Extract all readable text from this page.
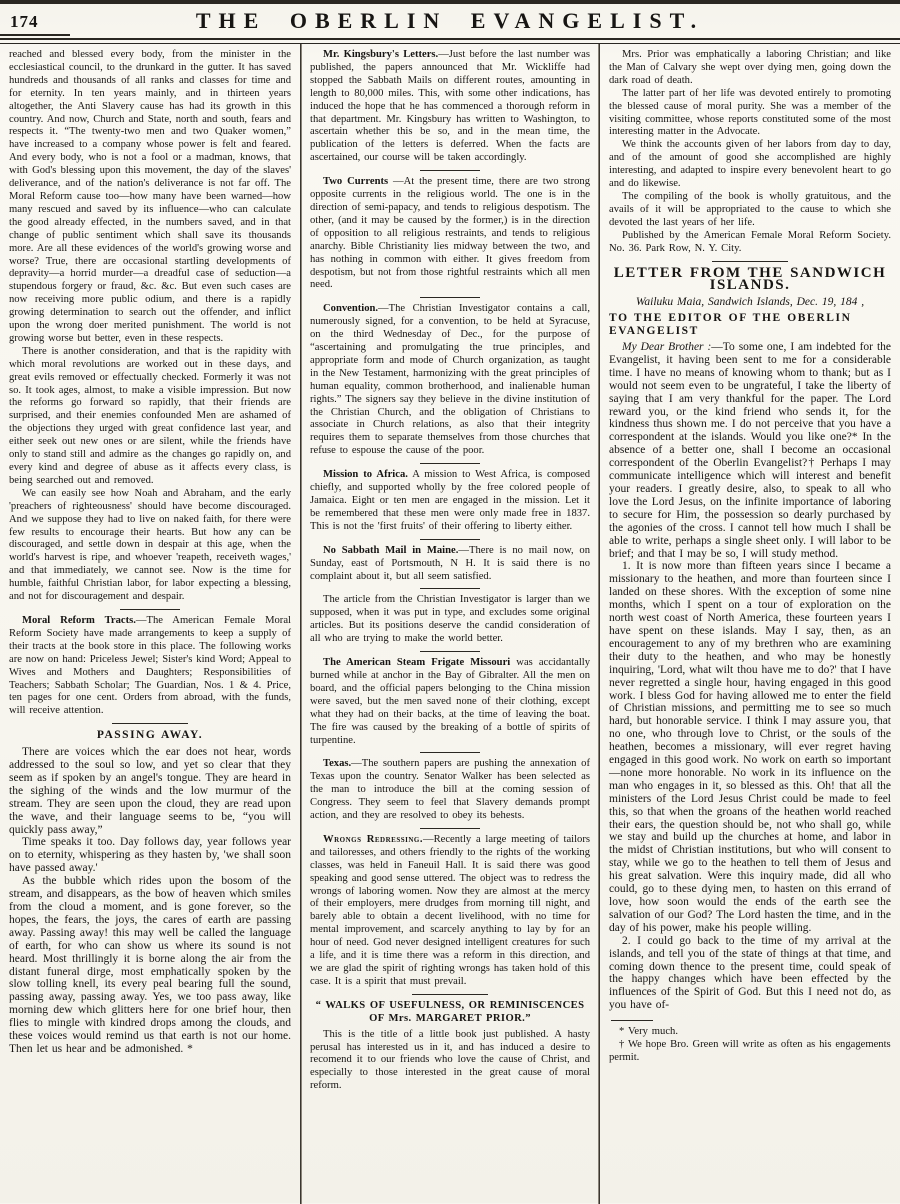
174	THE OBERLIN EVANGELIST.

reached and blessed every body, from the minister in the ecclesiastical council, to the drunkard in the gutter. It has saved hundreds and thousands of all ranks and classes for time and for eternity. In ten years mainly, and in thirteen years altogether, the Anti Slavery cause has had its growth in this country. And now, Church and State, north and south, fears and respects it. “The twenty-two men and two Quaker women,” have increased to a company whose power is felt and feared. And every body, who is not a fool or a madman, knows, that with God's blessing upon this movement, the day of the slaves' deliverance, and of the nation's deliverance is not far off. The Moral Reform cause too—how many have been warned—how many rescued and saved by its influence—who can calculate the good already effected, in the numbers saved, and in that change of public sentiment which shall save its thousands more. Are all these evidences of the world's growing worse and worse? True, there are occasional startling developments of depravity—a horrid murder—a dreadful case of seduction—a stupendous forgery or fraud, &c. &c. But even such cases are now receiving more public odium, and there is a rapidly growing determination to search out the offender, and inflict upon the wrong doer merited punishment. The world is not growing worse but better, even in these respects.

There is another consideration, and that is the rapidity with which moral revolutions are worked out in these days, and great evils removed or effectually checked. Formerly it was not so. It took ages, almost, to make a visible impression. But now the reforms go forward so rapidly, that their friends are surprised, and their enemies confounded Men are ashamed of the objections they urged with great confidence last year, and either seek out new ones or are silent, while the friends have only to stand still and admire as the changes go rapidly on, and every kind and degree of abuse as it affects every class, is being searched out and removed.

We can easily see how Noah and Abraham, and the early 'preachers of righteousness' should have become discouraged. And we suppose they had to live on naked faith, for there were few results to encourage their hearts. But how any can be discouraged, and settle down in despair at this age, when the world's harvest is ripe, and whoever 'reapeth, receiveth wages,' and that immediately, we cannot see. Now is the time for humble, faithful Christian labor, for labor expecting a blessing, and not for discouragement and despair.

Moral Reform Tracts.—The American Female Moral Reform Society have made arrangements to keep a supply of their tracts at the book store in this place. The following works are now on hand: Priceless Jewel; Sister's kind Word; Appeal to Wives and Mothers and Daughters; Responsibilities of Teachers; Sabbath Scholar; The Guardian, Nos. 1 & 4. Price, ten pages for one cent. Orders from abroad, with the funds, will receive attention.

PASSING AWAY.

There are voices which the ear does not hear, words addressed to the soul so low, and yet so clear that they seem as if spoken by an angel's tongue. They are heard in the sighing of the winds and the low murmur of the stream. They are seen upon the cloud, they are read upon the wave, and their language seems to be, “you will quickly pass away,”

Time speaks it too. Day follows day, year follows year on to eternity, whispering as they hasten by, 'we shall soon have passed away.'

As the bubble which rides upon the bosom of the stream, and disappears, as the bow of heaven which smiles from the cloud a moment, and is gone forever, so the hopes, the fears, the joys, the cares of earth are passing away. Passing away! this may well be called the language of earth, for who can show us where its sound is not heard. Most thrillingly it is borne along the air from the distant funeral dirge, most emphatically spoken by the slow tolling knell, its every peal bearing full the sound, passing away, passing away. Yes, we too pass away, like morning dew which glitters here for one brief hour, then flies to mingle with kindred drops among the clouds, and these voices would remind us that earth is not our home. Then let us hear and be admonished. *

Mr. Kingsbury's Letters.—Just before the last number was published, the papers announced that Mr. Wickliffe had stopped the Sabbath Mails on different routes, amounting in length to 80,000 miles. This, with some other indications, has induced the hope that he has commenced a thorough reform in that department. Mr. Kingsbury has written to Washington, to ascertain whether this be so, and in the mean time, the publication of the letters is deferred. When the facts are ascertained, our course will be taken accordingly.

Two Currents —At the present time, there are two strong opposite currents in the religious world. The one is in the direction of semi-papacy, and tends to religious despotism. The other, (and it may be caused by the former,) is in the direction of opposition to all religious restraints, and tends to religious anarchy. Bible Christianity lies midway between the two, and has nothing in common with either. It gives freedom from despotism, but not from those rightful restraints which all men need.

Convention.—The Christian Investigator contains a call, numerously signed, for a convention, to be held at Syracuse, on the third Wednesday of Dec., for the purpose of “ascertaining and promulgating the true principles, and appropriate form and mode of Church organization, as taught in the New Testament, harmonizing with the great principles of human equality, common brotherhood, and inalienable human rights.” The signers say they believe in the divine institution of the Christian Church, and the obligation of Christians to associate in Church relations, as also that their integrity requires them to separate themselves from those churches that refuse to espouse the cause of the poor.

Mission to Africa. A mission to West Africa, is composed chiefly, and supported wholly by the free colored people of Jamaica. Eight or ten men are engaged in the mission. Let it be remembered that these men were only made free in 1837. This is not the 'first fruits' of their offering to liberty either.

No Sabbath Mail in Maine.—There is no mail now, on Sunday, east of Portsmouth, N H. It is said there is no complaint about it, but all seem satisfied.

The article from the Christian Investigator is larger than we supposed, when it was put in type, and excludes some original articles. But its positions deserve the candid consideration of all who are trying to make the world better.

The American Steam Frigate Missouri was accidantally burned while at anchor in the Bay of Gibralter. All the men on board, and the official papers belonging to the China mission were saved, but the men saved none of their clothing, except what they had on their backs, at the time of leaving the boat. The fire was caused by the breaking of a bottle of spirits of turpentine.

Texas.—The southern papers are pushing the annexation of Texas upon the country. Senator Walker has been selected as the man to introduce the bill at the coming session of Congress. They seem to feel that Slavery demands prompt action, and they are resolved to obey its behests.

Wrongs Redressing.—Recently a large meeting of tailors and tailoresses, and others friendly to the rights of the working classes, was held in Faneuil Hall. It is said there was good speaking and good sense uttered. The object was to redress the wrongs of laboring women. Now they are almost at the mercy of their employers, mere drudges from morning till night, and barely able to obtain a decent livelihood, with no time for mental improvement, and scarcely anything to lay by for an hour of need. God never designed intelligent creatures for such a life, and it is time there was a reform in this direction, and we are glad the spirit of righting wrongs has taken hold of this case. It is a spirit that must prevail.

“ WALKS OF USEFULNESS, OR REMINISCENCES OF Mrs. MARGARET PRIOR.”

This is the title of a little book just published. A hasty perusal has interested us in it, and has induced a desire to recomend it to our friends who love the cause of Christ, and especially to those interested in the great cause of moral reform.

Mrs. Prior was emphatically a laboring Christian; and like the Man of Calvary she wept over dying men, going down the dark road of death.

The latter part of her life was devoted entirely to promoting the blessed cause of moral purity. She was a member of the visiting committee, whose reports constituted some of the most interesting matter in the Advocate.

We think the accounts given of her labors from day to day, and of the amount of good she accomplished are highly interesting, and adapted to inspire every benevolent heart to go and do likewise.

The compiling of the book is wholly gratuitous, and the avails of it will be appropriated to the cause to which she devoted the last years of her life.

Published by the American Female Moral Reform Society. No. 36. Park Row, N. Y. City.

LETTER FROM THE SANDWICH ISLANDS.

Wailuku Maia, Sandwich Islands, Dec. 19, 184 ,

TO THE EDITOR OF THE OBERLIN EVANGELIST

My Dear Brother :—To some one, I am indebted for the Evangelist, it having been sent to me for a considerable time. I have no means of knowing whom to thank; but as I would not seem even to be ungrateful, I take the liberty of saying that I am very thankful for the paper. The Lord reward you, or the kind friend who sends it, for the kindness thus shown me. I do not perceive that you have a correspondent at the islands. Would you like one?* In the absence of a better one, shall I become an occasional correspondent of the Oberlin Evangelist?† Perhaps I may communicate intelligence which will interest and benefit your readers. I greatly desire, also, to speak to all who love the Lord Jesus, on the infinite importance of laboring to secure for Him, the possession so dearly purchased by the agonies of the cross. I cannot tell how much I shall be able to write, perhaps a single sheet only. I will labor to be brief; and that I may be so, I will study method.

1. It is now more than fifteen years since I became a missionary to the heathen, and more than fourteen since I landed on these shores. With the exception of some nine months, which I spent on a tour of exploration on the north west coast of North America, these fourteen years I have spent on these islands. May I say, then, as an encouragement to any of my brethren who are examining their duty to the heathen, and who may be honestly inquiring, 'Lord, what wilt thou have me to do?' that I have never regretted a single hour, having engaged in this good work. I bless God for having allowed me to enter the field of Christian missions, and permitting me to see so much hard, but honorable service. I think I may assure you, that no one, who through love to Christ, or the souls of the heathen, becomes a missionary, will ever regret having engaged in this good work. No work on earth so important—none more honorable. No work in its influence on the man who engages in it, so blessed as this. Oh! that all the ministers of the Lord Jesus Christ could be made to feel this, so that when the groans of the heathen world reached their ears, the question should be, not who shall go, while we stay and build up the churches at home, and labor in the midst of Christian institutions, but who will consent to stay, while we go to the heathen to tell them of Jesus and his great salvation. Were this inquiry made, did all who could, go to these dying men, to hasten on this errand of love, how soon would the ends of the earth see the salvation of our God? The Lord hasten the time, and in the day of his power, make his people willing.

2. I could go back to the time of my arrival at the islands, and tell you of the state of things at that time, and coming down thence to the present time, could speak of the happy changes which have been effected by the influences of the Spirit of God. But this I need not do, as you have of-

* Very much.

† We hope Bro. Green will write as often as his engagements permit.
